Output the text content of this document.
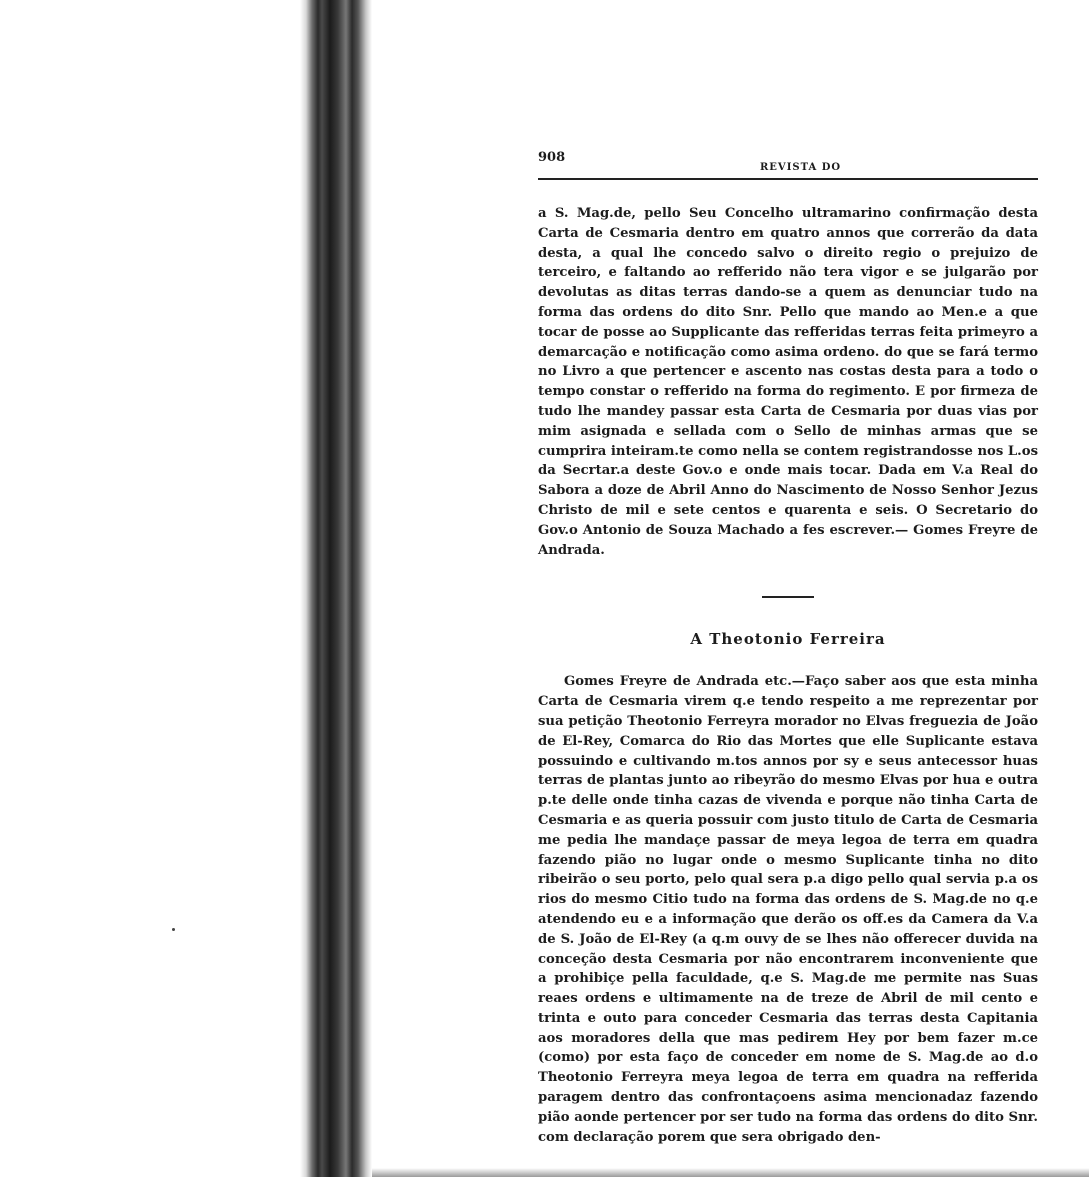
908
REVISTA DO

a S. Mag.de, pello Seu Concelho ultramarino confirmação desta Carta de Cesmaria dentro em quatro annos que correrão da data desta, a qual lhe concedo salvo o direito regio o prejuizo de terceiro, e faltando ao refferido não tera vigor e se julgarão por devolutas as ditas terras dando-se a quem as denunciar tudo na forma das ordens do dito Snr. Pello que mando ao Men.e a que tocar de posse ao Supplicante das refferidas terras feita primeyro a demarcação e notificação como asima ordeno. do que se fará termo no Livro a que pertencer e ascento nas costas desta para a todo o tempo constar o refferido na forma do regimento. E por firmeza de tudo lhe mandey passar esta Carta de Cesmaria por duas vias por mim asignada e sellada com o Sello de minhas armas que se cumprira inteiram.te como nella se contem registrandosse nos L.os da Secrtar.a deste Gov.o e onde mais tocar. Dada em V.a Real do Sabora a doze de Abril Anno do Nascimento de Nosso Senhor Jezus Christo de mil e sete centos e quarenta e seis. O Secretario do Gov.o Antonio de Souza Machado a fes escrever.— Gomes Freyre de Andrada.

A Theotonio Ferreira

Gomes Freyre de Andrada etc.—Faço saber aos que esta minha Carta de Cesmaria virem q.e tendo respeito a me reprezentar por sua petição Theotonio Ferreyra morador no Elvas freguezia de João de El-Rey, Comarca do Rio das Mortes que elle Suplicante estava possuindo e cultivando m.tos annos por sy e seus antecessor huas terras de plantas junto ao ribeyrão do mesmo Elvas por hua e outra p.te delle onde tinha cazas de vivenda e porque não tinha Carta de Cesmaria e as queria possuir com justo titulo de Carta de Cesmaria me pedia lhe mandaçe passar de meya legoa de terra em quadra fazendo pião no lugar onde o mesmo Suplicante tinha no dito ribeirão o seu porto, pelo qual sera p.a digo pello qual servia p.a os rios do mesmo Citio tudo na forma das ordens de S. Mag.de no q.e atendendo eu e a informação que derão os off.es da Camera da V.a de S. João de El-Rey (a q.m ouvy de se lhes não offerecer duvida na conceção desta Cesmaria por não encontrarem inconveniente que a prohibiçe pella faculdade, q.e S. Mag.de me permite nas Suas reaes ordens e ultimamente na de treze de Abril de mil cento e trinta e outo para conceder Cesmaria das terras desta Capitania aos moradores della que mas pedirem Hey por bem fazer m.ce (como) por esta faço de conceder em nome de S. Mag.de ao d.o Theotonio Ferreyra meya legoa de terra em quadra na refferida paragem dentro das confrontaçoens asima mencionadaz fazendo pião aonde pertencer por ser tudo na forma das ordens do dito Snr. com declaração porem que sera obrigado den-
